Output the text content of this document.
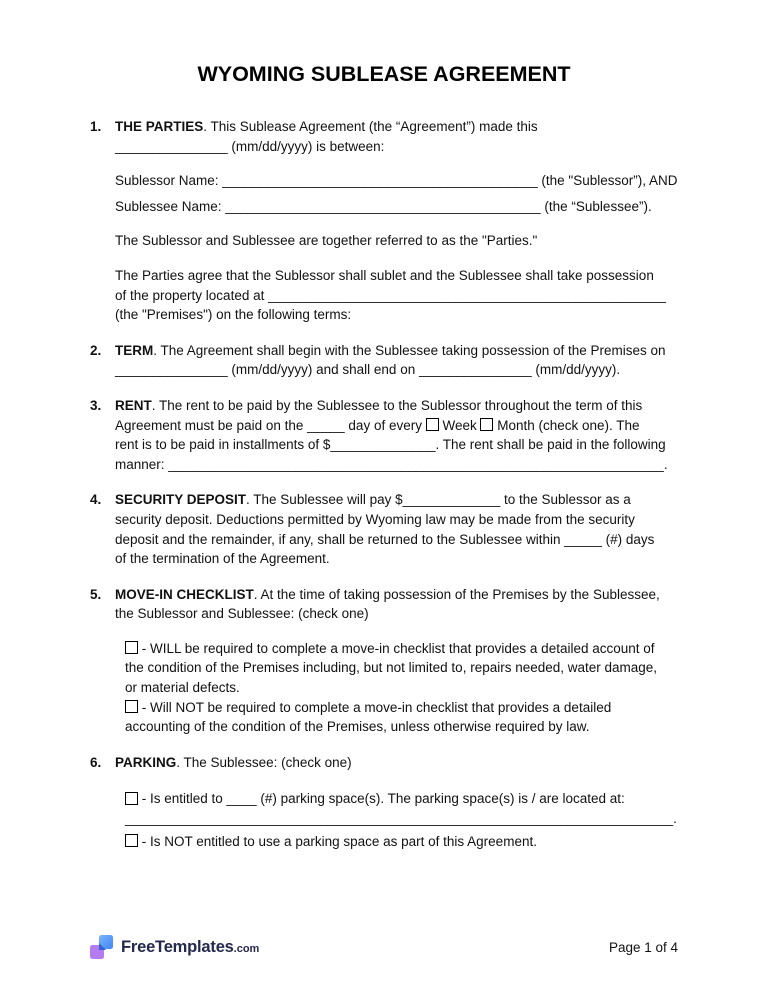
WYOMING SUBLEASE AGREEMENT
1.	THE PARTIES. This Sublease Agreement (the “Agreement”) made this
_______________ (mm/dd/yyyy) is between:
Sublessor Name: __________________________________________ (the "Sublessor”), AND
Sublessee Name: __________________________________________ (the “Sublessee”).
The Sublessor and Sublessee are together referred to as the "Parties."
The Parties agree that the Sublessor shall sublet and the Sublessee shall take possession
of the property located at _____________________________________________________
(the "Premises") on the following terms:
2.	TERM. The Agreement shall begin with the Sublessee taking possession of the Premises on
_______________ (mm/dd/yyyy) and shall end on _______________ (mm/dd/yyyy).
3.	RENT. The rent to be paid by the Sublessee to the Sublessor throughout the term of this
Agreement must be paid on the _____ day of every  Week  Month (check one). The
rent is to be paid in installments of $______________. The rent shall be paid in the following
manner: __________________________________________________________________.
4.	SECURITY DEPOSIT. The Sublessee will pay $_____________ to the Sublessor as a
security deposit. Deductions permitted by Wyoming law may be made from the security
deposit and the remainder, if any, shall be returned to the Sublessee within _____ (#) days
of the termination of the Agreement.
5.	MOVE-IN CHECKLIST. At the time of taking possession of the Premises by the Sublessee,
the Sublessor and Sublessee: (check one)
- WILL be required to complete a move-in checklist that provides a detailed account of
the condition of the Premises including, but not limited to, repairs needed, water damage,
or material defects.
- Will NOT be required to complete a move-in checklist that provides a detailed
accounting of the condition of the Premises, unless otherwise required by law.
6.	PARKING. The Sublessee: (check one)
- Is entitled to ____ (#) parking space(s). The parking space(s) is / are located at:
_________________________________________________________________________.
- Is NOT entitled to use a parking space as part of this Agreement.
FreeTemplates.com	Page 1 of 4
